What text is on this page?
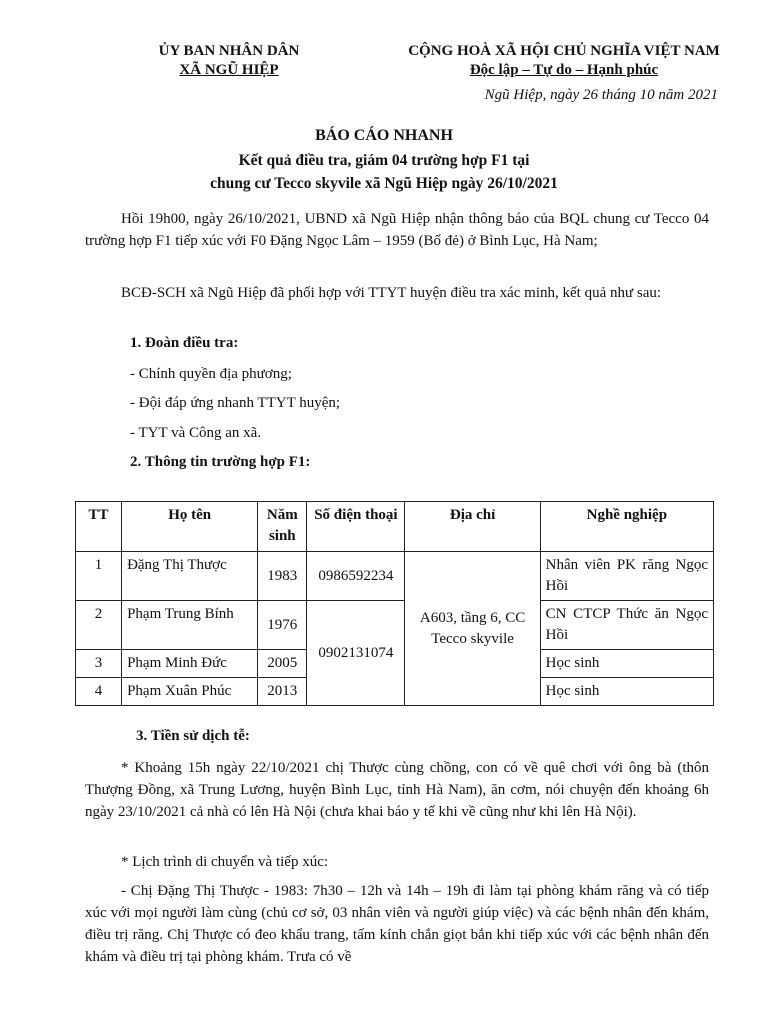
ỦY BAN NHÂN DÂN
XÃ NGŨ HIỆP
CỘNG HOÀ XÃ HỘI CHỦ NGHĨA VIỆT NAM
Độc lập – Tự do – Hạnh phúc
Ngũ Hiệp, ngày 26 tháng 10 năm 2021
BÁO CÁO NHANH
Kết quả điều tra, giám 04 trường hợp F1 tại
chung cư Tecco skyvile xã Ngũ Hiệp ngày 26/10/2021
Hồi 19h00, ngày 26/10/2021, UBND xã Ngũ Hiệp nhận thông báo của BQL chung cư Tecco 04 trường hợp F1 tiếp xúc với F0 Đặng Ngọc Lâm – 1959 (Bố đẻ) ở Bình Lục, Hà Nam;
BCĐ-SCH xã Ngũ Hiệp đã phối hợp với TTYT huyện điều tra xác minh, kết quả như sau:
1. Đoàn điều tra:
- Chính quyền địa phương;
- Đội đáp ứng nhanh TTYT huyện;
- TYT và Công an xã.
2. Thông tin trường hợp F1:
TT	Họ tên	Năm sinh	Số điện thoại	Địa chỉ	Nghề nghiệp
1	Đặng Thị Thược	1983	0986592234	A603, tầng 6, CC Tecco skyvile	Nhân viên PK răng Ngọc Hồi
2	Phạm Trung Bính	1976	0902131074		CN CTCP Thức ăn Ngọc Hồi
3	Phạm Minh Đức	2005			Học sinh
4	Phạm Xuân Phúc	2013			Học sinh
3. Tiền sử dịch tễ:
* Khoảng 15h ngày 22/10/2021 chị Thược cùng chồng, con có về quê chơi với ông bà (thôn Thượng Đồng, xã Trung Lương, huyện Bình Lục, tỉnh Hà Nam), ăn cơm, nói chuyện đến khoảng 6h ngày 23/10/2021 cả nhà có lên Hà Nội (chưa khai báo y tế khi về cũng như khi lên Hà Nội).
* Lịch trình di chuyển và tiếp xúc:
- Chị Đặng Thị Thược - 1983: 7h30 – 12h và 14h – 19h đi làm tại phòng khám răng và có tiếp xúc với mọi người làm cùng (chủ cơ sở, 03 nhân viên và người giúp việc) và các bệnh nhân đến khám, điều trị răng. Chị Thược có đeo khẩu trang, tấm kính chắn giọt bắn khi tiếp xúc với các bệnh nhân đến khám và điều trị tại phòng khám. Trưa có về
